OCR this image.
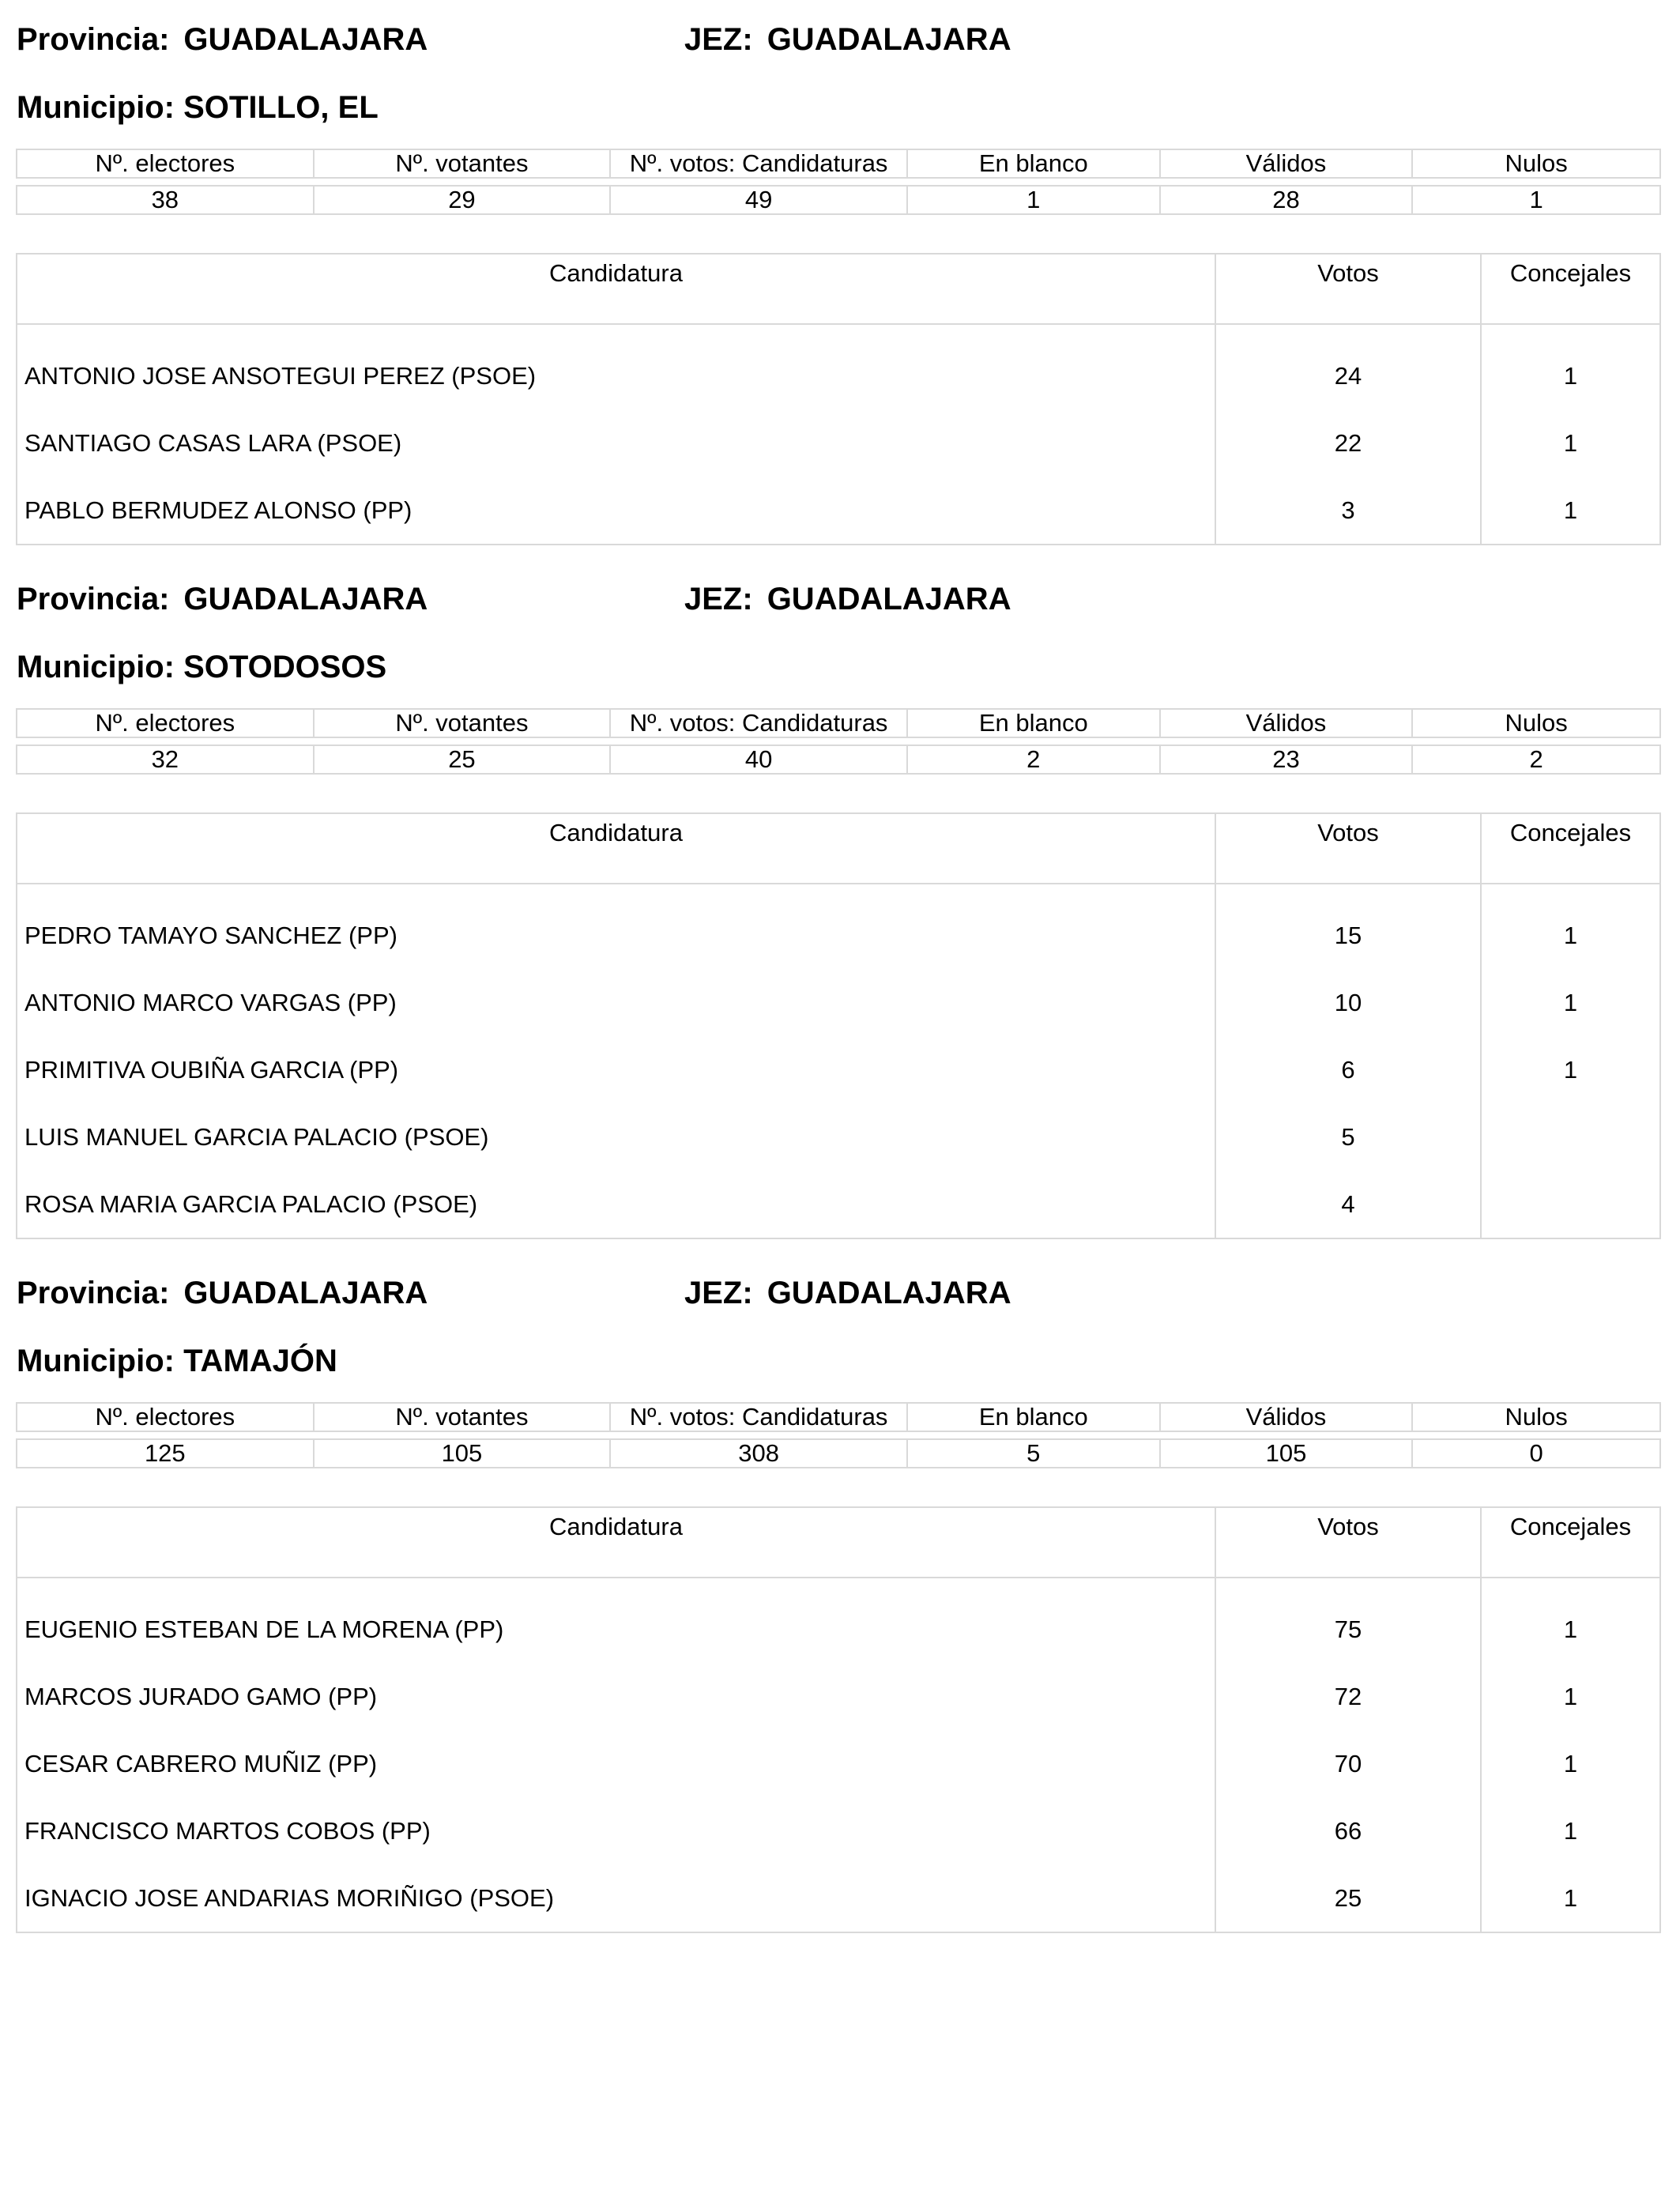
Provincia: GUADALAJARA	JEZ: GUADALAJARA
Municipio: SOTILLO, EL
Nº. electores	Nº. votantes	Nº. votos: Candidaturas	En blanco	Válidos	Nulos

38	29	49	1	28	1
Candidatura	Votos	Concejales

ANTONIO JOSE ANSOTEGUI PEREZ (PSOE)	24	1
SANTIAGO CASAS LARA (PSOE)	22	1
PABLO BERMUDEZ ALONSO (PP)	3	1
Provincia: GUADALAJARA	JEZ: GUADALAJARA
Municipio: SOTODOSOS
Nº. electores	Nº. votantes	Nº. votos: Candidaturas	En blanco	Válidos	Nulos

32	25	40	2	23	2
Candidatura	Votos	Concejales

PEDRO TAMAYO SANCHEZ (PP)	15	1
ANTONIO MARCO VARGAS (PP)	10	1
PRIMITIVA OUBIÑA GARCIA (PP)	6	1
LUIS MANUEL GARCIA PALACIO (PSOE)	5	
ROSA MARIA GARCIA PALACIO (PSOE)	4	
Provincia: GUADALAJARA	JEZ: GUADALAJARA
Municipio: TAMAJÓN
Nº. electores	Nº. votantes	Nº. votos: Candidaturas	En blanco	Válidos	Nulos

125	105	308	5	105	0
Candidatura	Votos	Concejales

EUGENIO ESTEBAN DE LA MORENA (PP)	75	1
MARCOS JURADO GAMO (PP)	72	1
CESAR CABRERO MUÑIZ (PP)	70	1
FRANCISCO MARTOS COBOS (PP)	66	1
IGNACIO JOSE ANDARIAS MORIÑIGO (PSOE)	25	1
